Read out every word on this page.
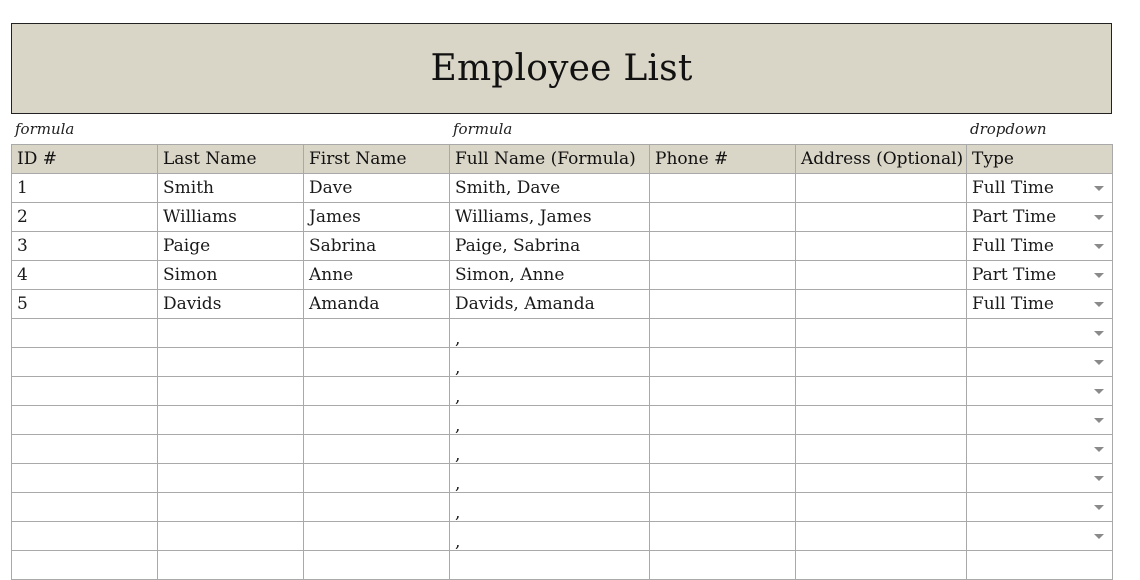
Employee List
formula	formula	dropdown
ID #	Last Name	First Name	Full Name (Formula)	Phone #	Address (Optional)	Type
1	Smith	Dave	Smith, Dave			Full Time

2	Williams	James	Williams, James			Part Time

3	Paige	Sabrina	Paige, Sabrina			Full Time

4	Simon	Anne	Simon, Anne			Part Time

5	Davids	Amanda	Davids, Amanda			Full Time

			,			

			,			

			,			

			,			

			,			

			,			

			,			

			,			
